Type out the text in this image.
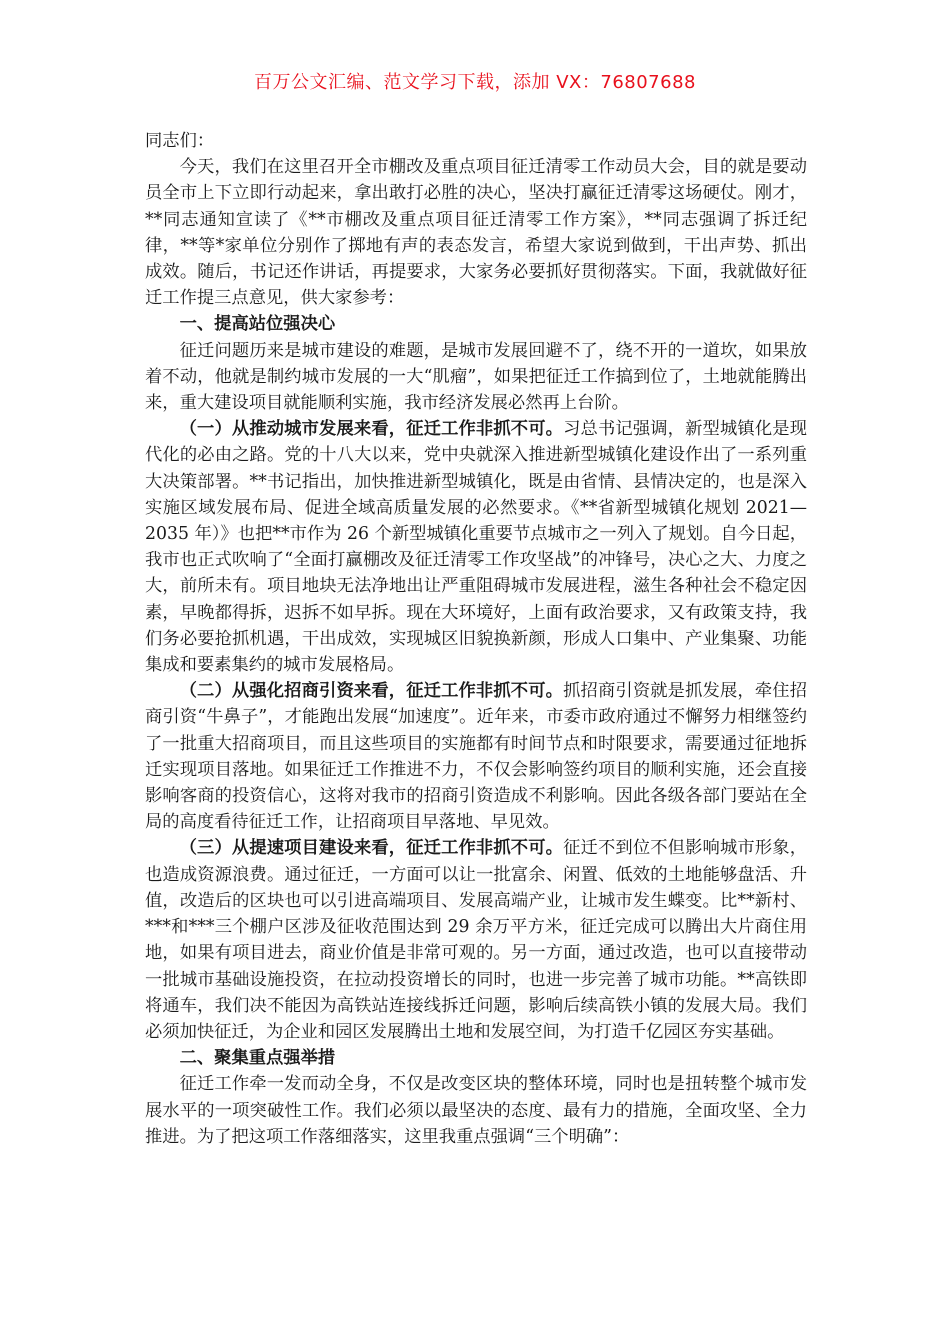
百万公文汇编、范文学习下载，添加 VX：76807688

同志们：

今天，我们在这里召开全市棚改及重点项目征迁清零工作动员大会，目的就是要动员全市上下立即行动起来，拿出敢打必胜的决心，坚决打赢征迁清零这场硬仗。刚才，**同志通知宣读了《**市棚改及重点项目征迁清零工作方案》，**同志强调了拆迁纪律，**等*家单位分别作了掷地有声的表态发言，希望大家说到做到，干出声势、抓出成效。随后，书记还作讲话，再提要求，大家务必要抓好贯彻落实。下面，我就做好征迁工作提三点意见，供大家参考：

一、提高站位强决心

征迁问题历来是城市建设的难题，是城市发展回避不了，绕不开的一道坎，如果放着不动，他就是制约城市发展的一大“肌瘤”，如果把征迁工作搞到位了，土地就能腾出来，重大建设项目就能顺利实施，我市经济发展必然再上台阶。

（一）从推动城市发展来看，征迁工作非抓不可。习总书记强调，新型城镇化是现代化的必由之路。党的十八大以来，党中央就深入推进新型城镇化建设作出了一系列重大决策部署。**书记指出，加快推进新型城镇化，既是由省情、县情决定的，也是深入实施区域发展布局、促进全域高质量发展的必然要求。《**省新型城镇化规划 2021—2035 年）》也把**市作为 26 个新型城镇化重要节点城市之一列入了规划。自今日起，我市也正式吹响了“全面打赢棚改及征迁清零工作攻坚战”的冲锋号，决心之大、力度之大，前所未有。项目地块无法净地出让严重阻碍城市发展进程，滋生各种社会不稳定因素，早晚都得拆，迟拆不如早拆。现在大环境好，上面有政治要求，又有政策支持，我们务必要抢抓机遇，干出成效，实现城区旧貌换新颜，形成人口集中、产业集聚、功能集成和要素集约的城市发展格局。

（二）从强化招商引资来看，征迁工作非抓不可。抓招商引资就是抓发展，牵住招商引资“牛鼻子”，才能跑出发展“加速度”。近年来，市委市政府通过不懈努力相继签约了一批重大招商项目，而且这些项目的实施都有时间节点和时限要求，需要通过征地拆迁实现项目落地。如果征迁工作推进不力，不仅会影响签约项目的顺利实施，还会直接影响客商的投资信心，这将对我市的招商引资造成不利影响。因此各级各部门要站在全局的高度看待征迁工作，让招商项目早落地、早见效。

（三）从提速项目建设来看，征迁工作非抓不可。征迁不到位不但影响城市形象，也造成资源浪费。通过征迁，一方面可以让一批富余、闲置、低效的土地能够盘活、升值，改造后的区块也可以引进高端项目、发展高端产业，让城市发生蝶变。比**新村、***和***三个棚户区涉及征收范围达到 29 余万平方米，征迁完成可以腾出大片商住用地，如果有项目进去，商业价值是非常可观的。另一方面，通过改造，也可以直接带动一批城市基础设施投资，在拉动投资增长的同时，也进一步完善了城市功能。**高铁即将通车，我们决不能因为高铁站连接线拆迁问题，影响后续高铁小镇的发展大局。我们必须加快征迁，为企业和园区发展腾出土地和发展空间，为打造千亿园区夯实基础。

二、聚集重点强举措

征迁工作牵一发而动全身，不仅是改变区块的整体环境，同时也是扭转整个城市发展水平的一项突破性工作。我们必须以最坚决的态度、最有力的措施，全面攻坚、全力推进。为了把这项工作落细落实，这里我重点强调“三个明确”：
